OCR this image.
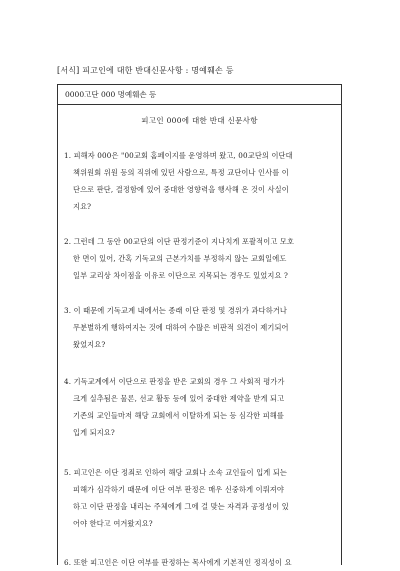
[서식] 피고인에 대한 반대신문사항 : 명예훼손 등
0000고단 000 명예훼손 등
피고인 000에 대한 반대 신문사항
1. 피해자 000은 "00교회 홈페이지를 운영하며 왔고, 00교단의 이단대
책위원회 위원 등의 직위에 있던 사람으로, 특정 교단이나 인사를 이
단으로 판단, 결정함에 있어 중대한 영향력을 행사해 온 것이 사실이
지요?
2. 그런데 그 동안 00교단의 이단 판정기준이 지나치게 포괄적이고 모호
한 면이 있어, 간혹 기독교의 근본가치를 부정하지 않는 교회일에도
일부 교리상 차이점을 이유로 이단으로 지목되는 경우도 있었지요 ?
3. 이 때문에 기독교계 내에서는 종래 이단 판정 및 경위가 과다하거나
무분별하게 행하여지는 것에 대하여 수많은 비판적 의견이 제기되어
왔었지요?
4. 기독교계에서 이단으로 판정을 받은 교회의 경우 그 사회적 평가가
크게 실추됨은 물론, 선교 활동 등에 있어 중대한 제약을 받게 되고
기존의 교인들마저 해당 교회에서 이탈하게 되는 등 심각한 피해를
입게 되지요?
5. 피고인은 이단 정죄로 인하여 해당 교회나 소속 교인들이 입게 되는
피해가 심각하기 때문에 이단 여부 판정은 매우 신중하게 이뤄져야
하고 이단 판정을 내리는 주체에게 그에 걸 맞는 자격과 공정성이 있
어야 한다고 여겨왔지요?
6. 또한 피고인은 이단 여부를 판정하는 목사에게 기본적인 정직성이 요
